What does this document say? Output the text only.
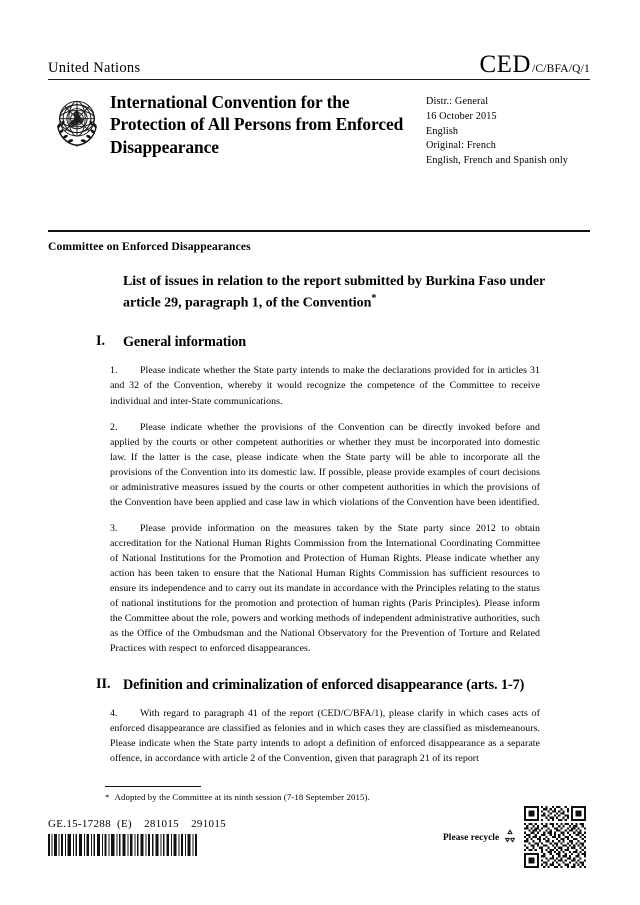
United Nations	CED /C/BFA/Q/1
International Convention for the Protection of All Persons from Enforced Disappearance
Distr.: General
16 October 2015
English
Original: French
English, French and Spanish only
Committee on Enforced Disappearances
List of issues in relation to the report submitted by Burkina Faso under article 29, paragraph 1, of the Convention*
I.	General information
1. Please indicate whether the State party intends to make the declarations provided for in articles 31 and 32 of the Convention, whereby it would recognize the competence of the Committee to receive individual and inter-State communications.
2. Please indicate whether the provisions of the Convention can be directly invoked before and applied by the courts or other competent authorities or whether they must be incorporated into domestic law. If the latter is the case, please indicate when the State party will be able to incorporate all the provisions of the Convention into its domestic law. If possible, please provide examples of court decisions or administrative measures issued by the courts or other competent authorities in which the provisions of the Convention have been applied and case law in which violations of the Convention have been identified.
3. Please provide information on the measures taken by the State party since 2012 to obtain accreditation for the National Human Rights Commission from the International Coordinating Committee of National Institutions for the Promotion and Protection of Human Rights. Please indicate whether any action has been taken to ensure that the National Human Rights Commission has sufficient resources to ensure its independence and to carry out its mandate in accordance with the Principles relating to the status of national institutions for the promotion and protection of human rights (Paris Principles). Please inform the Committee about the role, powers and working methods of independent administrative authorities, such as the Office of the Ombudsman and the National Observatory for the Prevention of Torture and Related Practices with respect to enforced disappearances.
II. Definition and criminalization of enforced disappearance (arts. 1-7)
4. With regard to paragraph 41 of the report (CED/C/BFA/1), please clarify in which cases acts of enforced disappearance are classified as felonies and in which cases they are classified as misdemeanours. Please indicate when the State party intends to adopt a definition of enforced disappearance as a separate offence, in accordance with article 2 of the Convention, given that paragraph 21 of its report
* Adopted by the Committee at its ninth session (7-18 September 2015).
GE.15-17288  (E)    281015    291015
Please recycle
